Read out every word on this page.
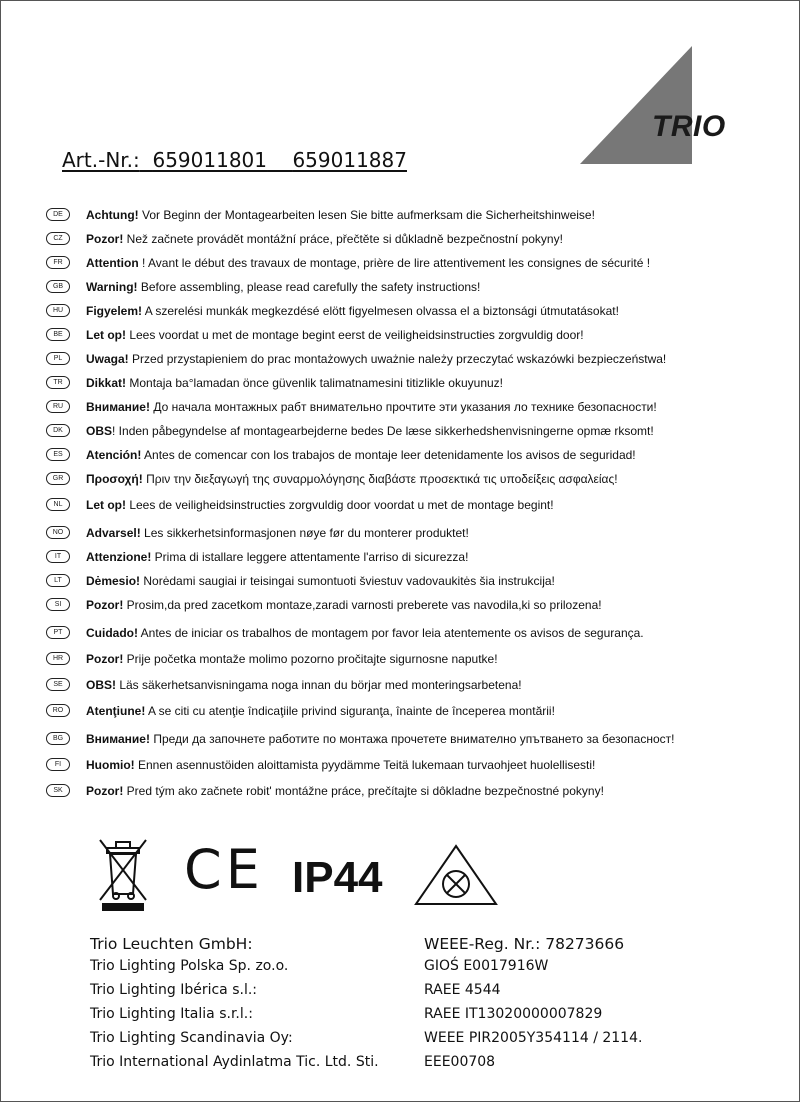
TRIO
Art.-Nr.: 659011801 659011887
DE	Achtung! Vor Beginn der Montagearbeiten lesen Sie bitte aufmerksam die Sicherheitshinweise!
CZ	Pozor! Než začnete provádět montážní práce, přečtěte si důkladně bezpečnostní pokyny!
FR	Attention ! Avant le début des travaux de montage, prière de lire attentivement les consignes de sécurité !
GB	Warning! Before assembling, please read carefully the safety instructions!
HU	Figyelem! A szerelési munkák megkezdésé elött figyelmesen olvassa el a biztonsági útmutatásokat!
BE	Let op! Lees voordat u met de montage begint eerst de veiligheidsinstructies zorgvuldig door!
PL	Uwaga! Przed przystapieniem do prac montażowych uważnie należy przeczytać wskazówki bezpieczeństwa!
TR	Dikkat! Montaja ba°lamadan önce güvenlik talimatnamesini titizlikle okuyunuz!
RU	Внимание! До начала монтажных рабт внимательно прочтите эти указания ло технике безопасности!
DK	OBS! Inden påbegyndelse af montagearbejderne bedes De læse sikkerhedshenvisningerne opmæ rksomt!
ES	Atención! Antes de comencar con los trabajos de montaje leer detenidamente los avisos de seguridad!
GR	Προσοχή! Πριν την διεξαγωγή της συναρμολόγησης διαβάστε προσεκτικά τις υποδείξεις ασφαλείας!
NL	Let op! Lees de veiligheidsinstructies zorgvuldig door voordat u met de montage begint!
NO	Advarsel! Les sikkerhetsinformasjonen nøye før du monterer produktet!
IT	Attenzione! Prima di istallare leggere attentamente l'arriso di sicurezza!
LT	Dėmesio! Norėdami saugiai ir teisingai sumontuoti šviestuv vadovaukitės šia instrukcija!
SI	Pozor! Prosim,da pred zacetkom montaze,zaradi varnosti preberete vas navodila,ki so prilozena!
PT	Cuidado! Antes de iniciar os trabalhos de montagem por favor leia atentemente os avisos de segurança.
HR	Pozor! Prije početka montaže molimo pozorno pročitajte sigurnosne naputke!
SE	OBS! Läs säkerhetsanvisningama noga innan du börjar med monteringsarbetena!
RO	Atenţiune! A se citi cu atenţie îndicaţiile privind siguranţa, înainte de începerea montării!
BG	Внимание! Преди да започнете работите по монтажа прочетете внимателно упътването за безопасност!
FI	Huomio! Ennen asennustöiden aloittamista pyydämme Teitä lukemaan turvaohjeet huolellisesti!
SK	Pozor! Pred tým ako začnete robit' montážne práce, prečítajte si dôkladne bezpečnostné pokyny!
CE IP44
Trio Leuchten GmbH:	WEEE-Reg. Nr.: 78273666
Trio Lighting Polska Sp. zo.o.	GIOŚ E0017916W
Trio Lighting Ibérica s.l.:	RAEE 4544
Trio Lighting Italia s.r.l.:	RAEE IT13020000007829
Trio Lighting Scandinavia Oy:	WEEE PIR2005Y354114 / 2114.
Trio International Aydinlatma Tic. Ltd. Sti.	EEE00708
